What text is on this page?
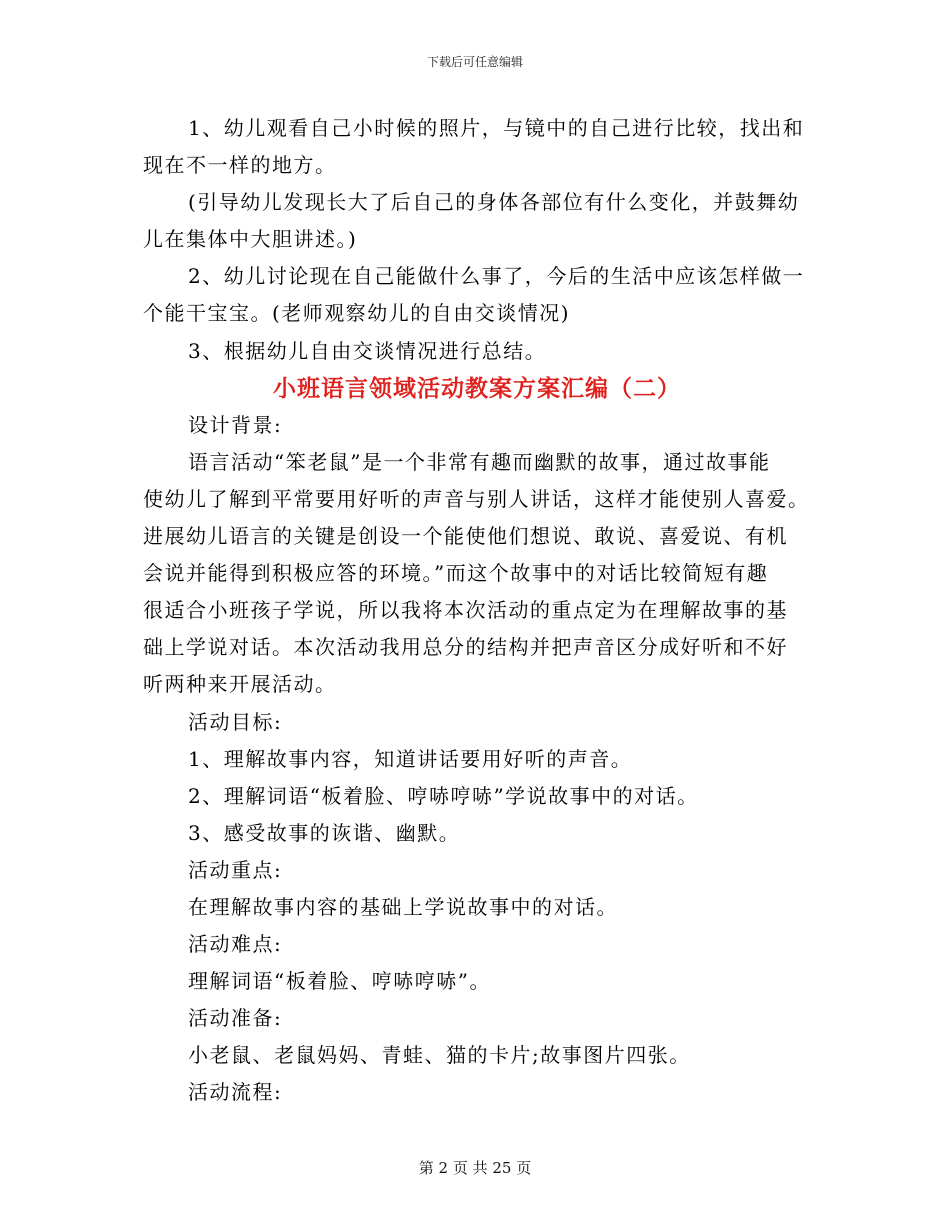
下载后可任意编辑
1、幼儿观看自己小时候的照片，与镜中的自己进行比较，找出和
现在不一样的地方。
(引导幼儿发现长大了后自己的身体各部位有什么变化，并鼓舞幼
儿在集体中大胆讲述。)
2、幼儿讨论现在自己能做什么事了，今后的生活中应该怎样做一
个能干宝宝。(老师观察幼儿的自由交谈情况)
3、根据幼儿自由交谈情况进行总结。
小班语言领域活动教案方案汇编（二）
设计背景:
语言活动“笨老鼠”是一个非常有趣而幽默的故事，通过故事能
使幼儿了解到平常要用好听的声音与别人讲话，这样才能使别人喜爱。
进展幼儿语言的关键是创设一个能使他们想说、敢说、喜爱说、有机
会说并能得到积极应答的环境。”而这个故事中的对话比较简短有趣
很适合小班孩子学说，所以我将本次活动的重点定为在理解故事的基
础上学说对话。本次活动我用总分的结构并把声音区分成好听和不好
听两种来开展活动。
活动目标:
1、理解故事内容，知道讲话要用好听的声音。
2、理解词语“板着脸、哼哧哼哧”学说故事中的对话。
3、感受故事的诙谐、幽默。
活动重点:
在理解故事内容的基础上学说故事中的对话。
活动难点:
理解词语“板着脸、哼哧哼哧”。
活动准备:
小老鼠、老鼠妈妈、青蛙、猫的卡片;故事图片四张。
活动流程:
第 2 页 共 25 页
